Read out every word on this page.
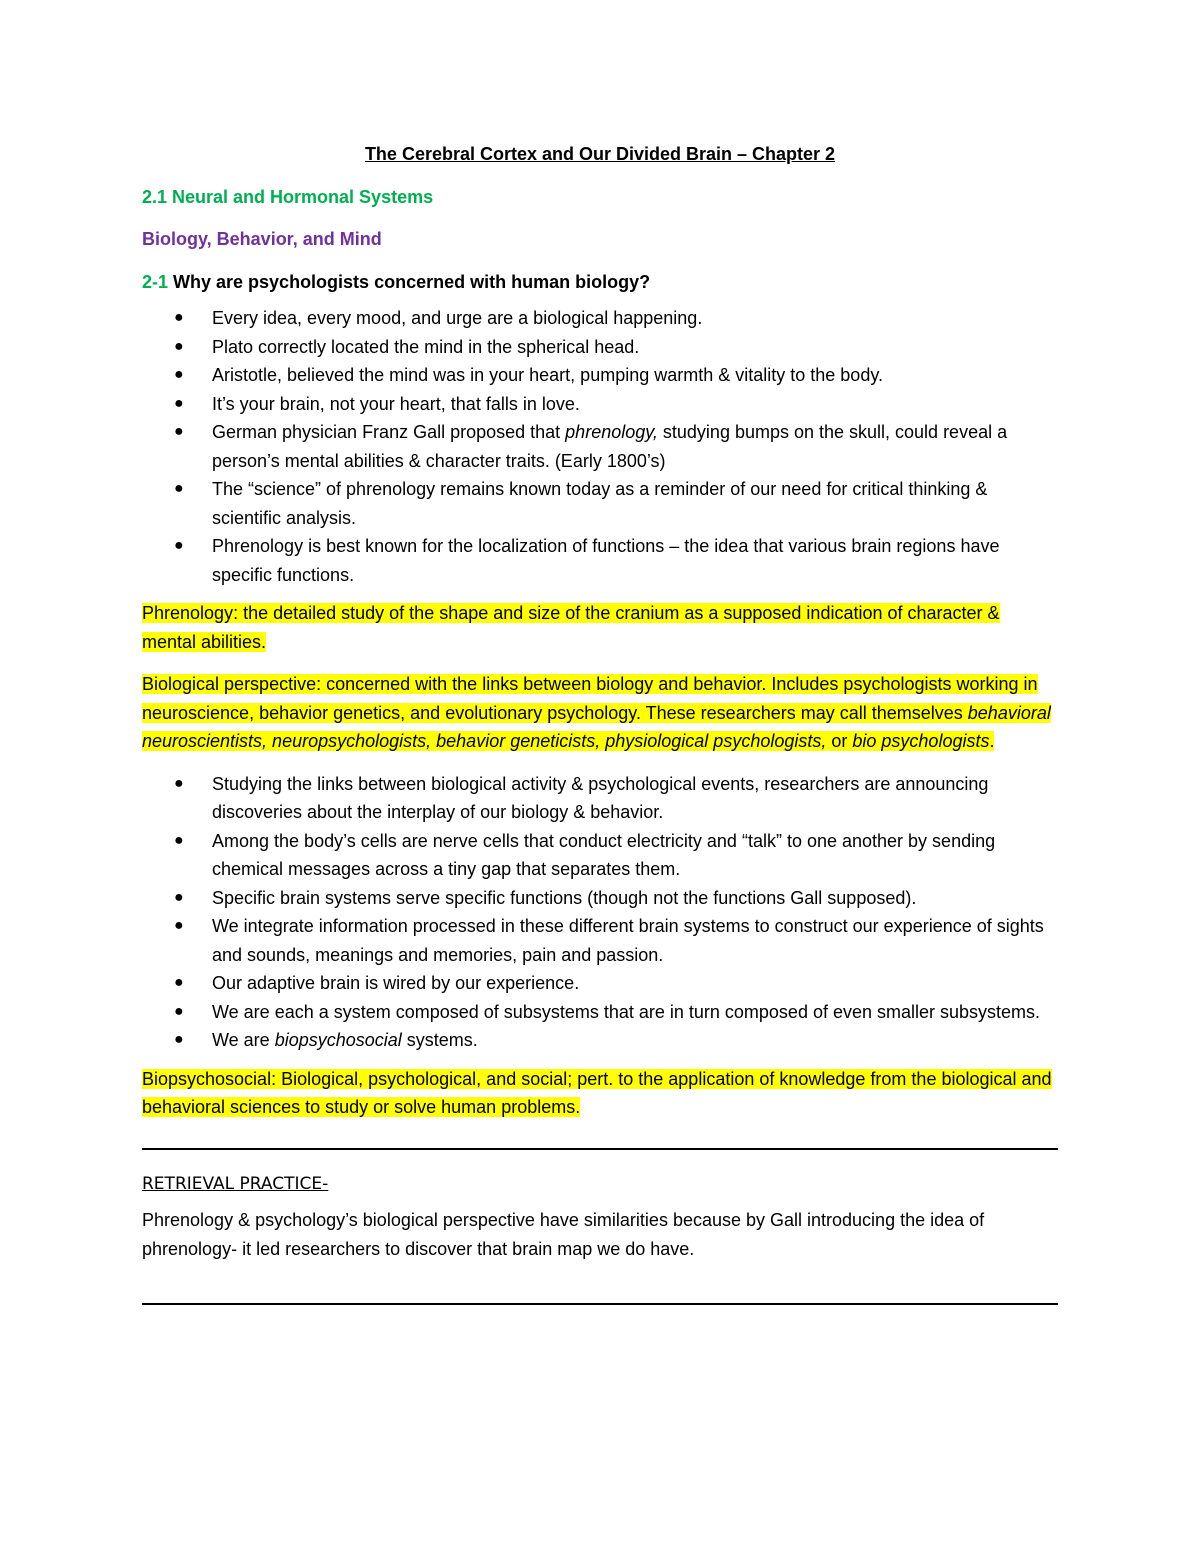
The Cerebral Cortex and Our Divided Brain – Chapter 2

2.1 Neural and Hormonal Systems

Biology, Behavior, and Mind

2-1 Why are psychologists concerned with human biology?

● Every idea, every mood, and urge are a biological happening.
● Plato correctly located the mind in the spherical head.
● Aristotle, believed the mind was in your heart, pumping warmth & vitality to the body.
● It’s your brain, not your heart, that falls in love.
● German physician Franz Gall proposed that phrenology, studying bumps on the skull, could reveal a person’s mental abilities & character traits. (Early 1800’s)
● The “science” of phrenology remains known today as a reminder of our need for critical thinking & scientific analysis.
● Phrenology is best known for the localization of functions – the idea that various brain regions have specific functions.

Phrenology: the detailed study of the shape and size of the cranium as a supposed indication of character & mental abilities.

Biological perspective: concerned with the links between biology and behavior. Includes psychologists working in neuroscience, behavior genetics, and evolutionary psychology. These researchers may call themselves behavioral neuroscientists, neuropsychologists, behavior geneticists, physiological psychologists, or bio psychologists.

● Studying the links between biological activity & psychological events, researchers are announcing discoveries about the interplay of our biology & behavior.
● Among the body’s cells are nerve cells that conduct electricity and “talk” to one another by sending chemical messages across a tiny gap that separates them.
● Specific brain systems serve specific functions (though not the functions Gall supposed).
● We integrate information processed in these different brain systems to construct our experience of sights and sounds, meanings and memories, pain and passion.
● Our adaptive brain is wired by our experience.
● We are each a system composed of subsystems that are in turn composed of even smaller subsystems.
● We are biopsychosocial systems.

Biopsychosocial: Biological, psychological, and social; pert. to the application of knowledge from the biological and behavioral sciences to study or solve human problems.

RETRIEVAL PRACTICE-

Phrenology & psychology’s biological perspective have similarities because by Gall introducing the idea of phrenology- it led researchers to discover that brain map we do have.
